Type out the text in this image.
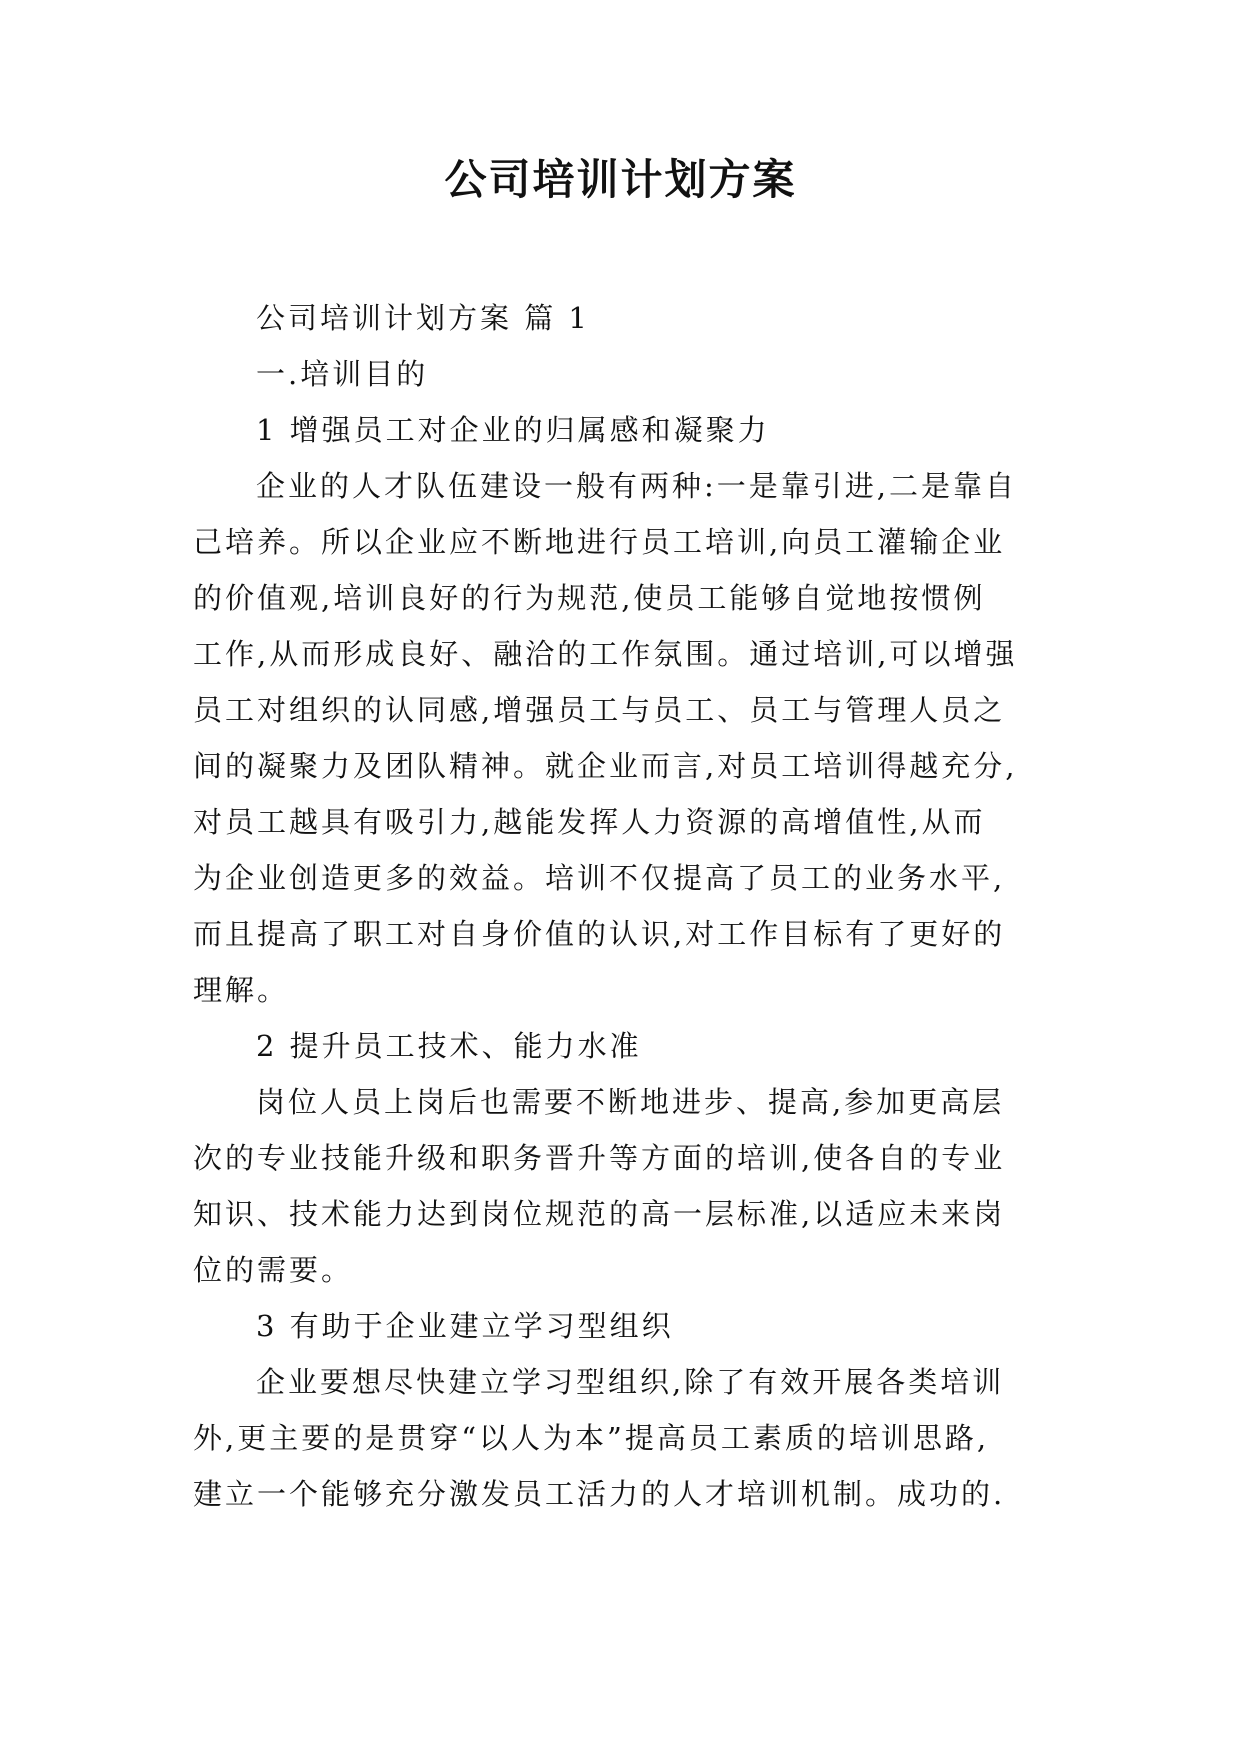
公司培训计划方案

公司培训计划方案 篇 1

一.培训目的

1 增强员工对企业的归属感和凝聚力

企业的人才队伍建设一般有两种:一是靠引进,二是靠自

己培养。所以企业应不断地进行员工培训,向员工灌输企业

的价值观,培训良好的行为规范,使员工能够自觉地按惯例

工作,从而形成良好、融洽的工作氛围。通过培训,可以增强

员工对组织的认同感,增强员工与员工、员工与管理人员之

间的凝聚力及团队精神。就企业而言,对员工培训得越充分,

对员工越具有吸引力,越能发挥人力资源的高增值性,从而

为企业创造更多的效益。培训不仅提高了员工的业务水平,

而且提高了职工对自身价值的认识,对工作目标有了更好的

理解。

2 提升员工技术、能力水准

岗位人员上岗后也需要不断地进步、提高,参加更高层

次的专业技能升级和职务晋升等方面的培训,使各自的专业

知识、技术能力达到岗位规范的高一层标准,以适应未来岗

位的需要。

3 有助于企业建立学习型组织

企业要想尽快建立学习型组织,除了有效开展各类培训

外,更主要的是贯穿“以人为本”提高员工素质的培训思路,

建立一个能够充分激发员工活力的人才培训机制。成功的.
